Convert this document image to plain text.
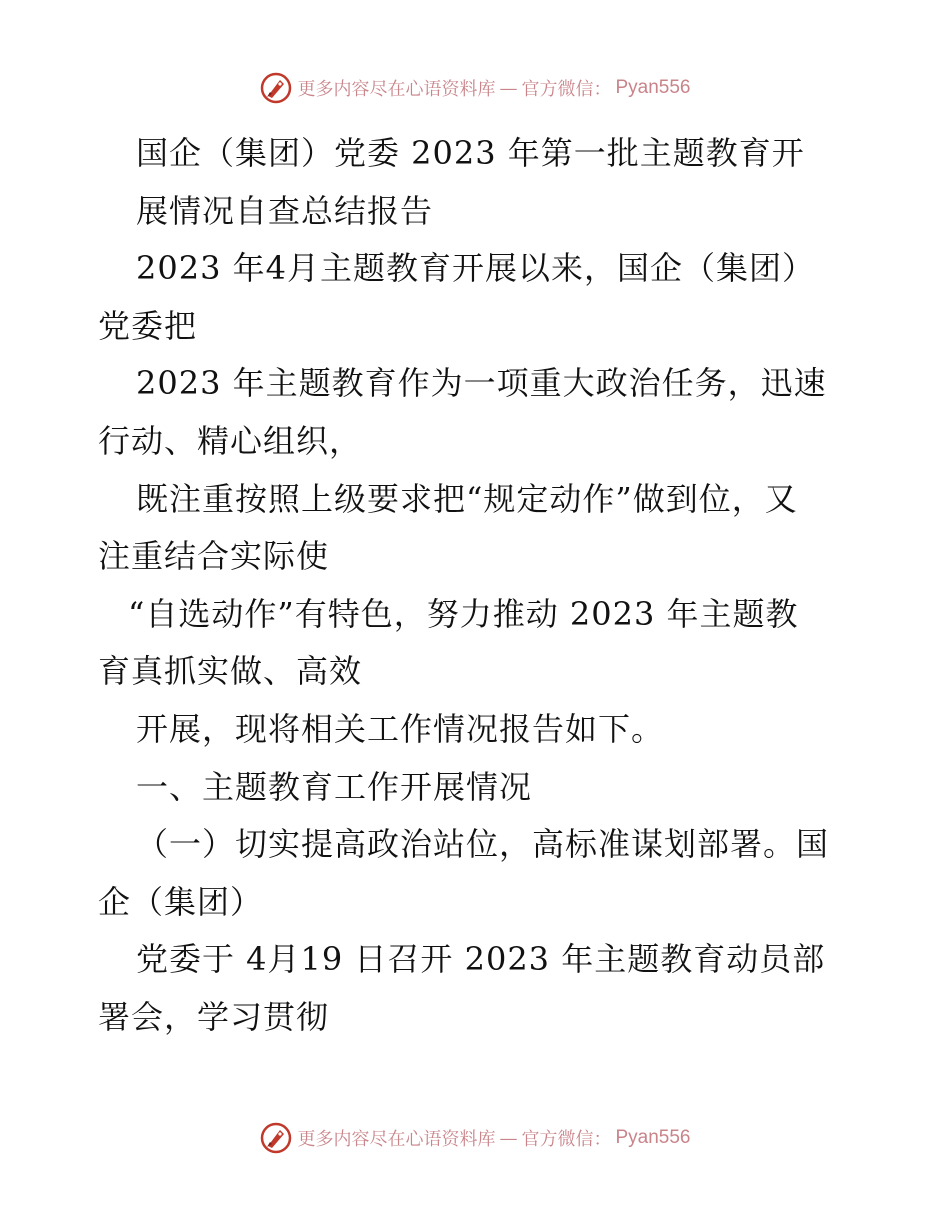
更多内容尽在心语资料库 — 官方微信： Pyan556
国企（集团）党委 2023 年第一批主题教育开
展情况自查总结报告
2023 年4月主题教育开展以来，国企（集团）
党委把
2023 年主题教育作为一项重大政治任务，迅速
行动、精心组织，
既注重按照上级要求把“规定动作”做到位，又
注重结合实际使
“自选动作”有特色，努力推动 2023 年主题教
育真抓实做、高效
开展，现将相关工作情况报告如下。
一、主题教育工作开展情况
（一）切实提高政治站位，高标准谋划部署。国
企（集团）
党委于 4月19 日召开 2023 年主题教育动员部
署会，学习贯彻
更多内容尽在心语资料库 — 官方微信： Pyan556
